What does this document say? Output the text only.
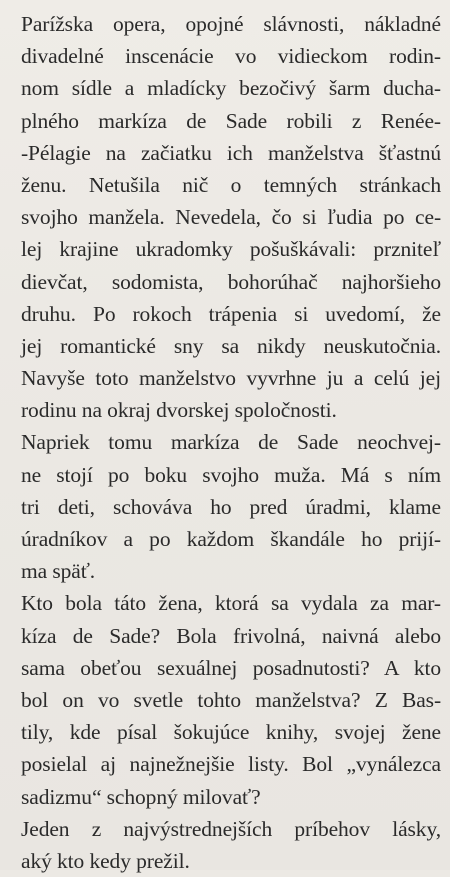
Parížska opera, opojné slávnosti, nákladné
divadelné inscenácie vo vidieckom rodin-
nom sídle a mladícky bezočivý šarm ducha-
plného markíza de Sade robili z Renée-
-Pélagie na začiatku ich manželstva šťastnú
ženu. Netušila nič o temných stránkach
svojho manžela. Nevedela, čo si ľudia po ce-
lej krajine ukradomky pošuškávali: przniteľ
dievčat, sodomista, bohorúhač najhoršieho
druhu. Po rokoch trápenia si uvedomí, že
jej romantické sny sa nikdy neuskutočnia.
Navyše toto manželstvo vyvrhne ju a celú jej
rodinu na okraj dvorskej spoločnosti.
Napriek tomu markíza de Sade neochvej-
ne stojí po boku svojho muža. Má s ním
tri deti, schováva ho pred úradmi, klame
úradníkov a po každom škandále ho prijí-
ma späť.
Kto bola táto žena, ktorá sa vydala za mar-
kíza de Sade? Bola frivolná, naivná alebo
sama obeťou sexuálnej posadnutosti? A kto
bol on vo svetle tohto manželstva? Z Bas-
tily, kde písal šokujúce knihy, svojej žene
posielal aj najnežnejšie listy. Bol „vynálezca
sadizmu“ schopný milovať?
Jeden z najvýstrednejších príbehov lásky,
aký kto kedy prežil.
